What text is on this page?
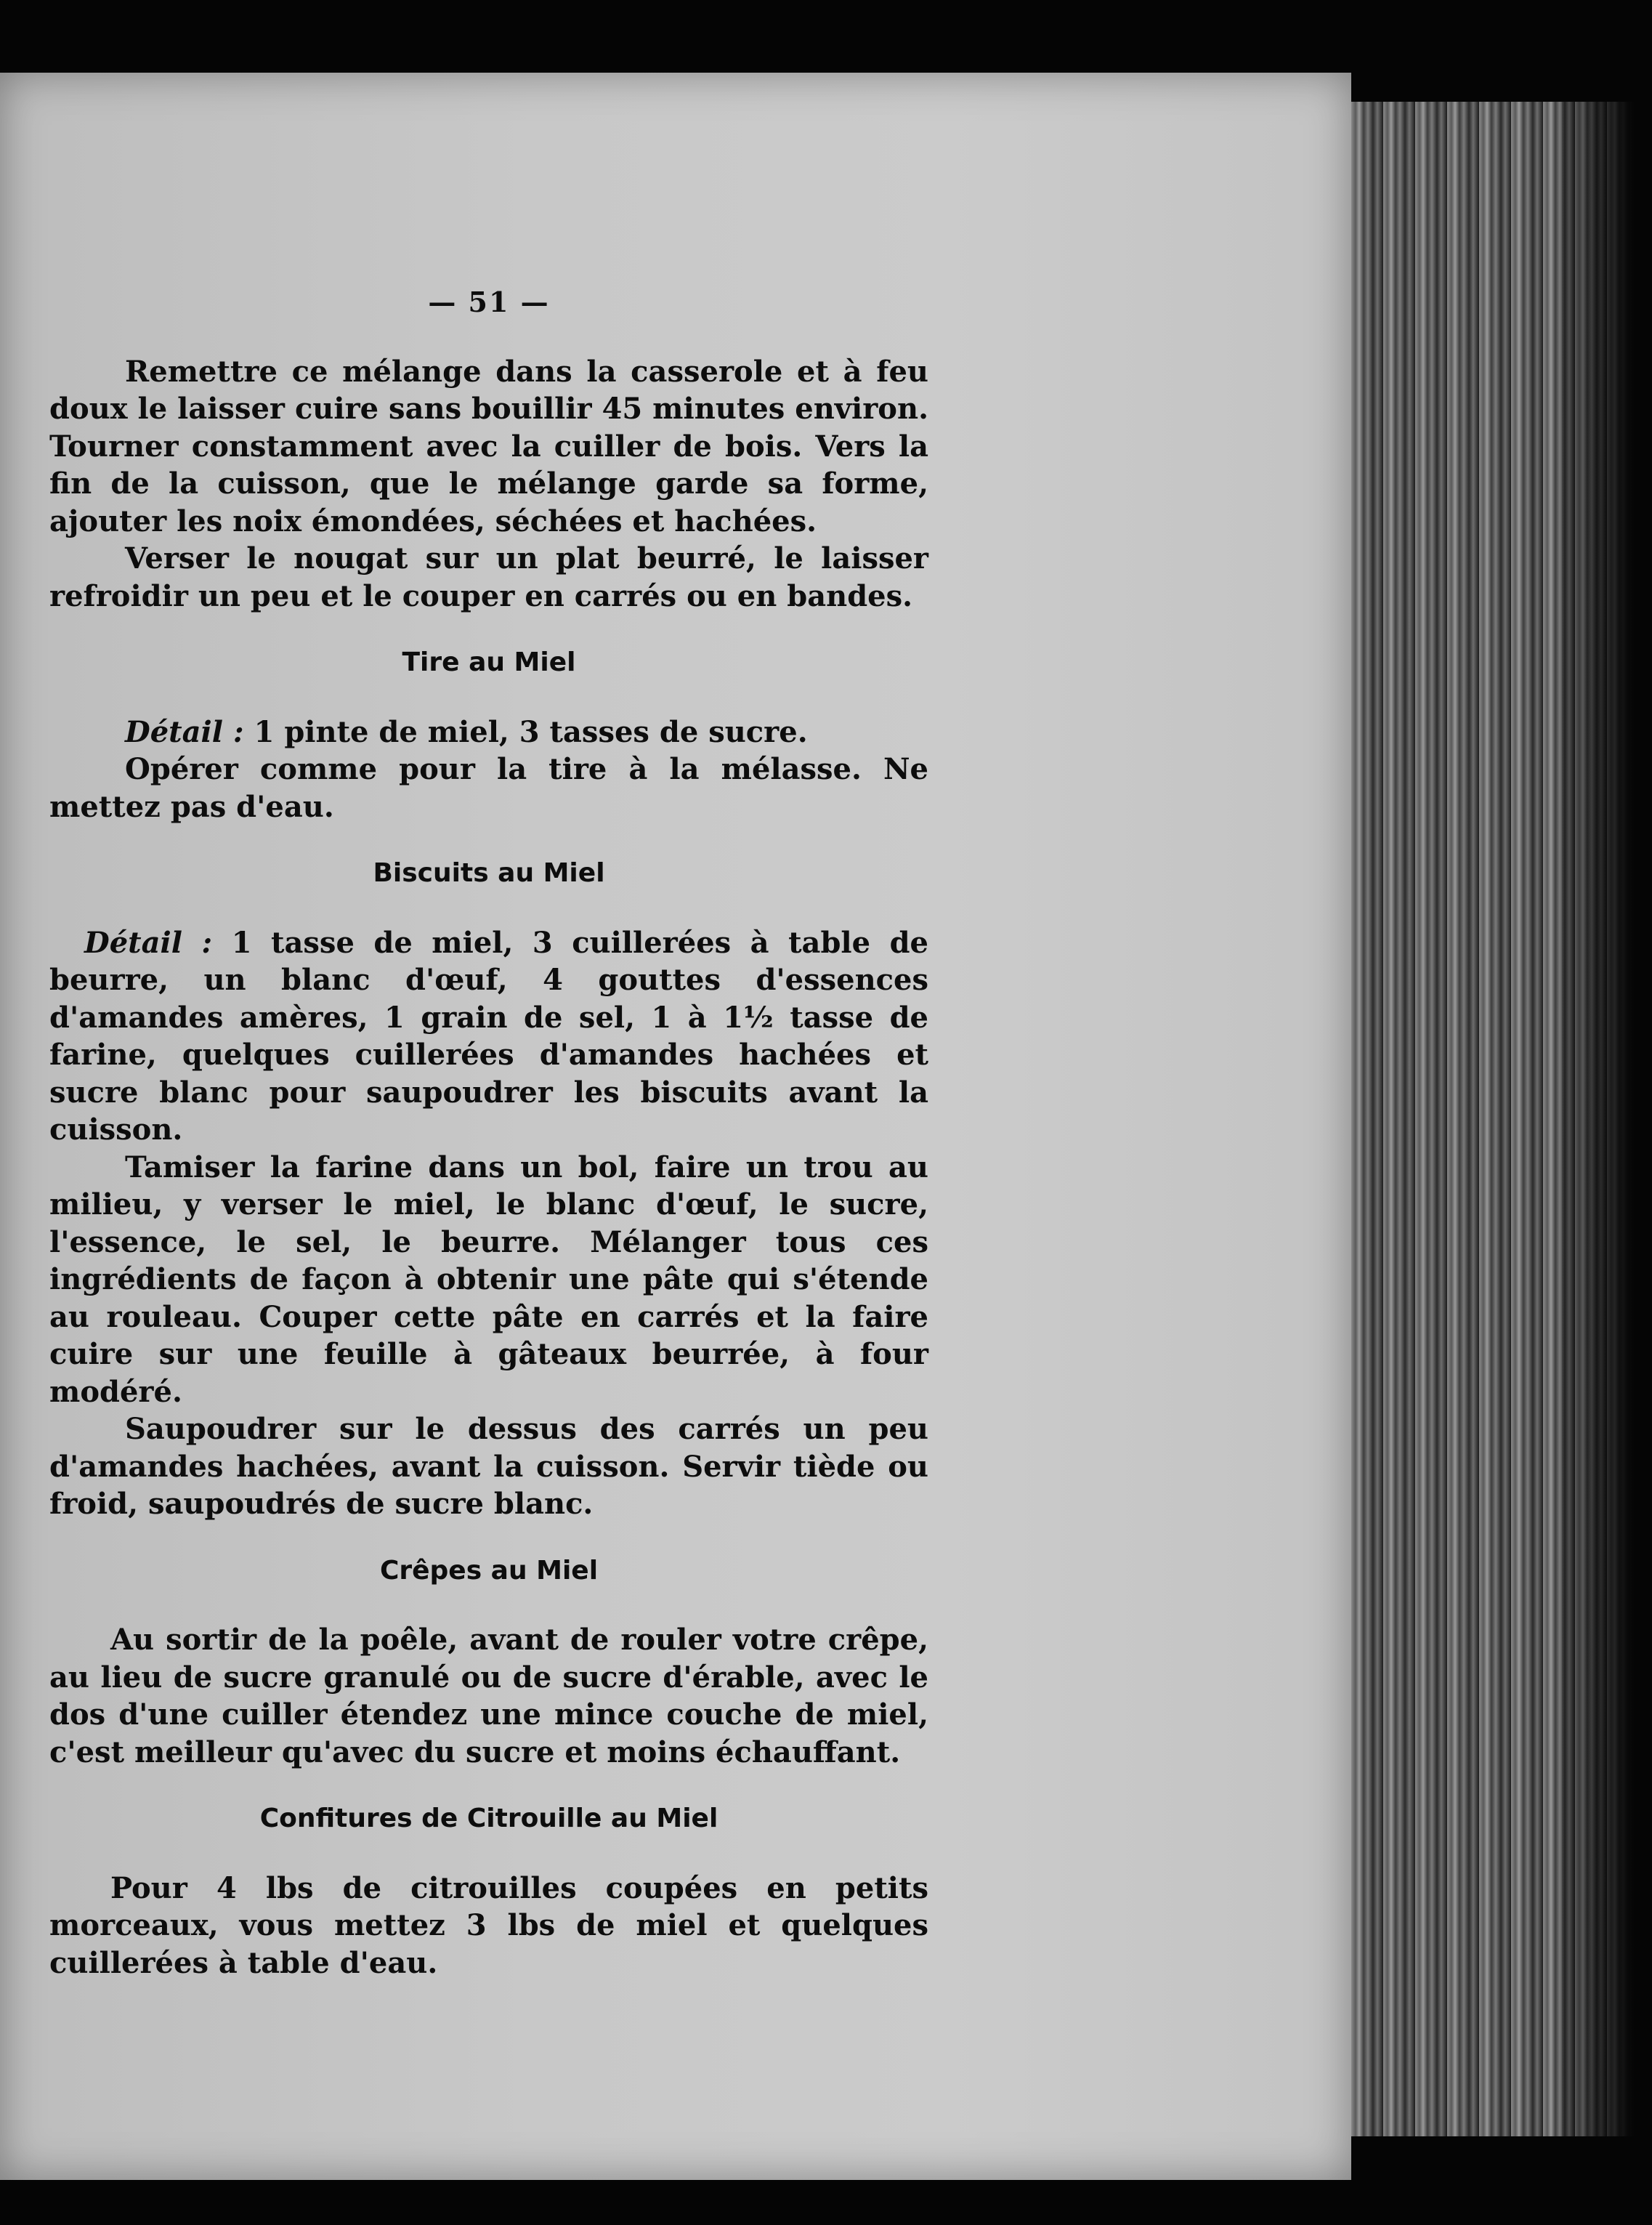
— 51 —

Remettre ce mélange dans la casserole et à feu doux le laisser cuire sans bouillir 45 minutes environ. Tourner constamment avec la cuiller de bois. Vers la fin de la cuisson, que le mélange garde sa forme, ajouter les noix émondées, séchées et hachées.

Verser le nougat sur un plat beurré, le laisser refroidir un peu et le couper en carrés ou en bandes.

Tire au Miel

Détail : 1 pinte de miel, 3 tasses de sucre.

Opérer comme pour la tire à la mélasse. Ne mettez pas d'eau.

Biscuits au Miel

Détail : 1 tasse de miel, 3 cuillerées à table de beurre, un blanc d'œuf, 4 gouttes d'essences d'amandes amères, 1 grain de sel, 1 à 1½ tasse de farine, quelques cuillerées d'amandes hachées et sucre blanc pour saupoudrer les biscuits avant la cuisson.

Tamiser la farine dans un bol, faire un trou au milieu, y verser le miel, le blanc d'œuf, le sucre, l'essence, le sel, le beurre. Mélanger tous ces ingrédients de façon à obtenir une pâte qui s'étende au rouleau. Couper cette pâte en carrés et la faire cuire sur une feuille à gâteaux beurrée, à four modéré.

Saupoudrer sur le dessus des carrés un peu d'amandes hachées, avant la cuisson. Servir tiède ou froid, saupoudrés de sucre blanc.

Crêpes au Miel

Au sortir de la poêle, avant de rouler votre crêpe, au lieu de sucre granulé ou de sucre d'érable, avec le dos d'une cuiller étendez une mince couche de miel, c'est meilleur qu'avec du sucre et moins échauffant.

Confitures de Citrouille au Miel

Pour 4 lbs de citrouilles coupées en petits morceaux, vous mettez 3 lbs de miel et quelques cuillerées à table d'eau.
